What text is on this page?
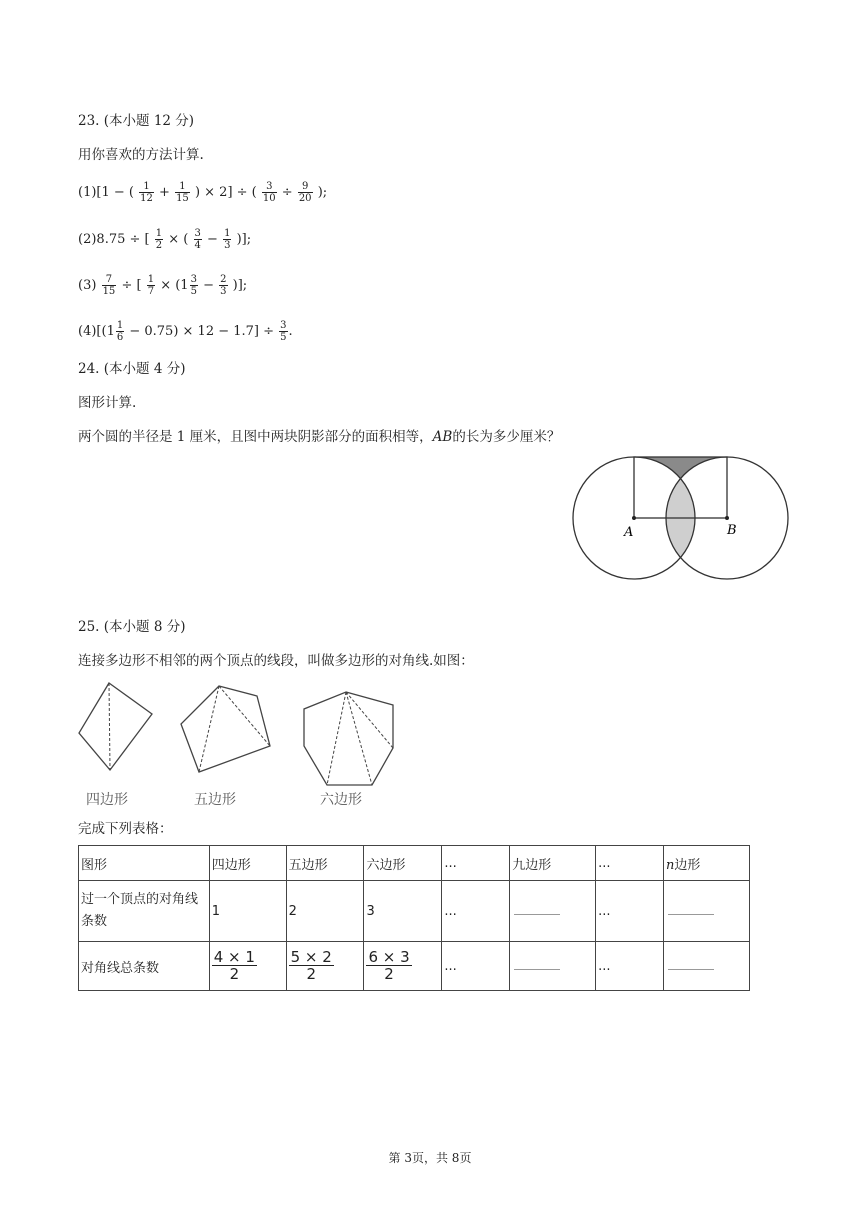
23. (本小题 12 分)
用你喜欢的方法计算.
(1)[1 − ( $\frac{1}{12} + \frac{1}{15}$ ) × 2] ÷ ( $\frac{3}{10} \div \frac{9}{20}$ );
(2)8.75 ÷ [ $\frac{1}{2}$ × ( $\frac{3}{4} - \frac{1}{3}$ )];
$(3) \frac{7}{15}$ ÷ [ $\frac{1}{7} \times (1 \frac{3}{5} - \frac{2}{3}$ )];
$(4)[(1 \frac{1}{6} - 0.75) \times 12 - 1.7] \div \frac{3}{5}$ .
24. (本小题 4 分)
图形计算.
两个圆的半径是 1 厘米，且图中两块阴影部分的面积相等，AB的长为多少厘米？
A	B
25. (本小题 8 分)
连接多边形不相邻的两个顶点的线段，叫做多边形的对角线.如图：
四边形	五边形	六边形
完成下列表格：
图形	四边形	五边形	六边形	...	九边形	...	n边形
过一个顶点的对角线条数	1	2	3	...		...	
对角线总条数	$\frac{4 \times 1}{2}$	$\frac{5 \times 2}{2}$	$\frac{6 \times 3}{2}$	...		...	
第 3页，共 8页
